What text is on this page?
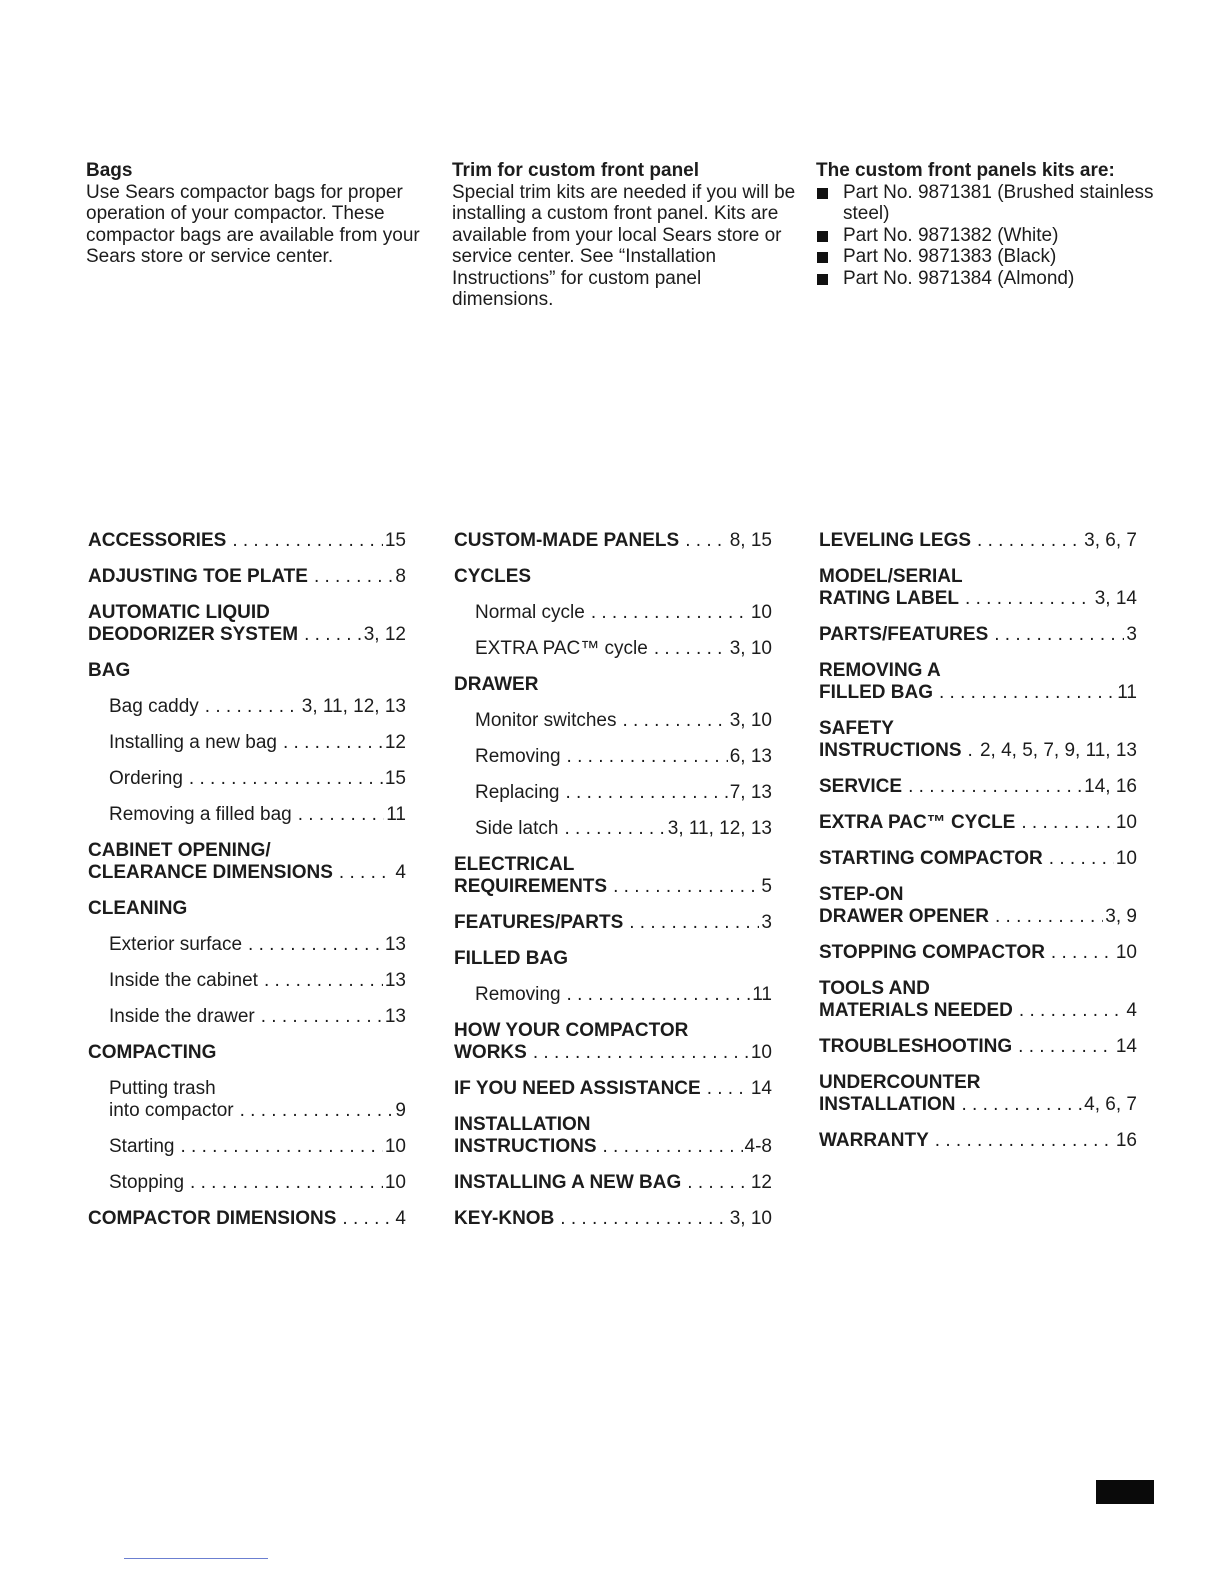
Bags

Use Sears compactor bags for proper operation of your compactor. These compactor bags are available from your Sears store or service center.

Trim for custom front panel

Special trim kits are needed if you will be installing a custom front panel. Kits are available from your local Sears store or service center. See “Installation Instructions” for custom panel dimensions.

The custom front panels kits are:
Part No. 9871381 (Brushed stainless steel)
Part No. 9871382 (White)
Part No. 9871383 (Black)
Part No. 9871384 (Almond)
ACCESSORIES . . .	15
ADJUSTING TOE PLATE . . .	8
AUTOMATIC LIQUID
DEODORIZER SYSTEM . . .	3, 12
BAG
Bag caddy . . .	3, 11, 12, 13
Installing a new bag . . .	12
Ordering . . .	15
Removing a filled bag . . .	11
CABINET OPENING/
CLEARANCE DIMENSIONS . . .	4
CLEANING
Exterior surface . . .	13
Inside the cabinet . . .	13
Inside the drawer . . .	13
COMPACTING
Putting trash
into compactor . . .	9
Starting . . .	10
Stopping . . .	10
COMPACTOR DIMENSIONS . . .	4
CUSTOM-MADE PANELS . . .	8, 15
CYCLES
Normal cycle . . .	10
EXTRA PAC™ cycle . . .	3, 10
DRAWER
Monitor switches . . .	3, 10
Removing . . .	6, 13
Replacing . . .	7, 13
Side latch . . .	3, 11, 12, 13
ELECTRICAL
REQUIREMENTS . . .	5
FEATURES/PARTS . . .	3
FILLED BAG
Removing . . .	11
HOW YOUR COMPACTOR
WORKS . . .	10
IF YOU NEED ASSISTANCE . . .	14
INSTALLATION
INSTRUCTIONS . . .	4-8
INSTALLING A NEW BAG . . .	12
KEY-KNOB . . .	3, 10
LEVELING LEGS . . .	3, 6, 7
MODEL/SERIAL
RATING LABEL . . .	3, 14
PARTS/FEATURES . . .	3
REMOVING A
FILLED BAG . . .	11
SAFETY
INSTRUCTIONS . . . 2, 4, 5, 7, 9, 11, 13
SERVICE . . .	14, 16
EXTRA PAC™ CYCLE . . .	10
STARTING COMPACTOR . . .	10
STEP-ON
DRAWER OPENER . . .	3, 9
STOPPING COMPACTOR . . .	10
TOOLS AND
MATERIALS NEEDED . . .	4
TROUBLESHOOTING . . .	14
UNDERCOUNTER
INSTALLATION . . .	4, 6, 7
WARRANTY . . .	16
